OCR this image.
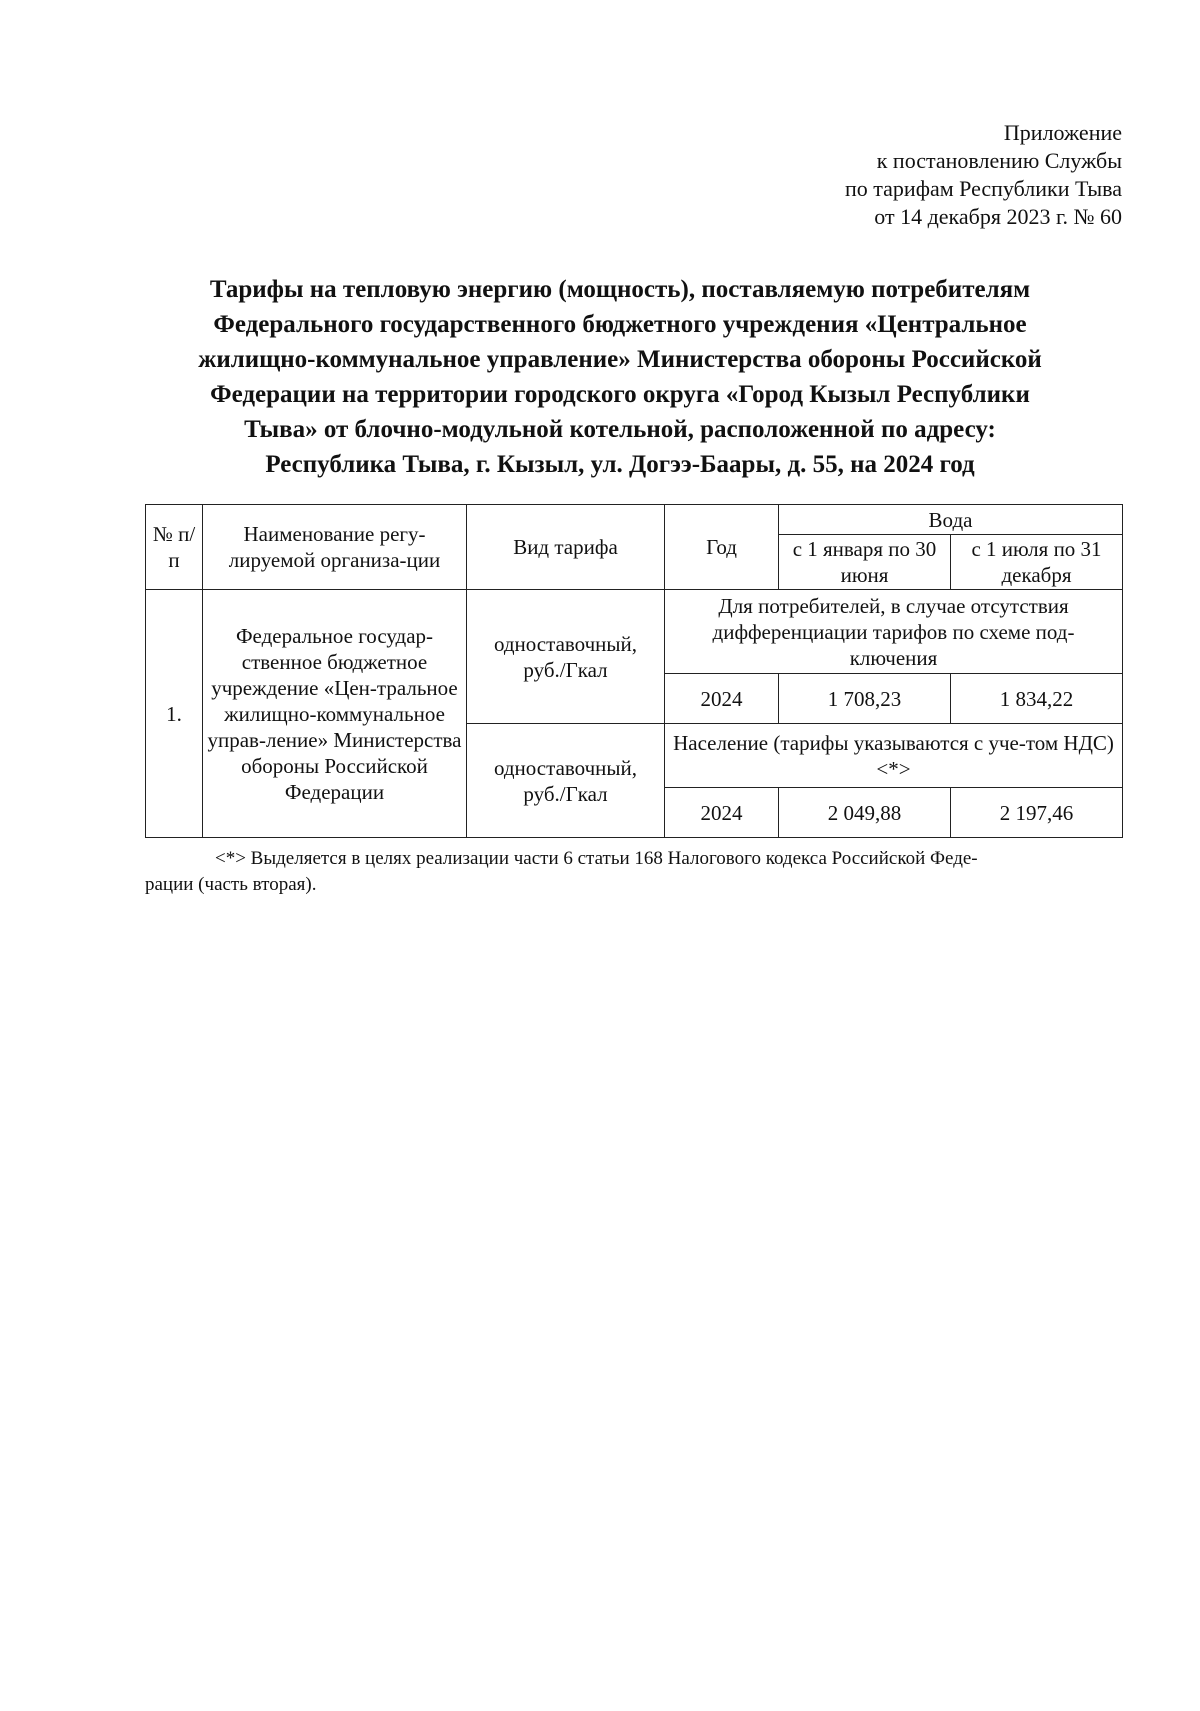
Приложение
к постановлению Службы
по тарифам Республики Тыва
от 14 декабря 2023 г. № 60
Тарифы на тепловую энергию (мощность), поставляемую потребителям
Федерального государственного бюджетного учреждения «Центральное
жилищно-коммунальное управление» Министерства обороны Российской
Федерации на территории городского округа «Город Кызыл Республики
Тыва» от блочно-модульной котельной, расположенной по адресу:
Республика Тыва, г. Кызыл, ул. Догээ-Баары, д. 55, на 2024 год
№ п/п	Наименование регу-лируемой организа-ции	Вид тарифа	Год	Вода	
				с 1 января по 30 июня	с 1 июля по 31 декабря
1.	Федеральное государ-ственное бюджетное учреждение «Цен-тральное жилищно-коммунальное управ-ление» Министерства обороны Российской Федерации	одноставочный, руб./Гкал	Для потребителей, в случае отсутствия дифференциации тарифов по схеме под-ключения		
			2024	1 708,23	1 834,22
		одноставочный, руб./Гкал	Население (тарифы указываются с уче-том НДС) <*>		
			2024	2 049,88	2 197,46
<*> Выделяется в целях реализации части 6 статьи 168 Налогового кодекса Российской Феде-
рации (часть вторая).
